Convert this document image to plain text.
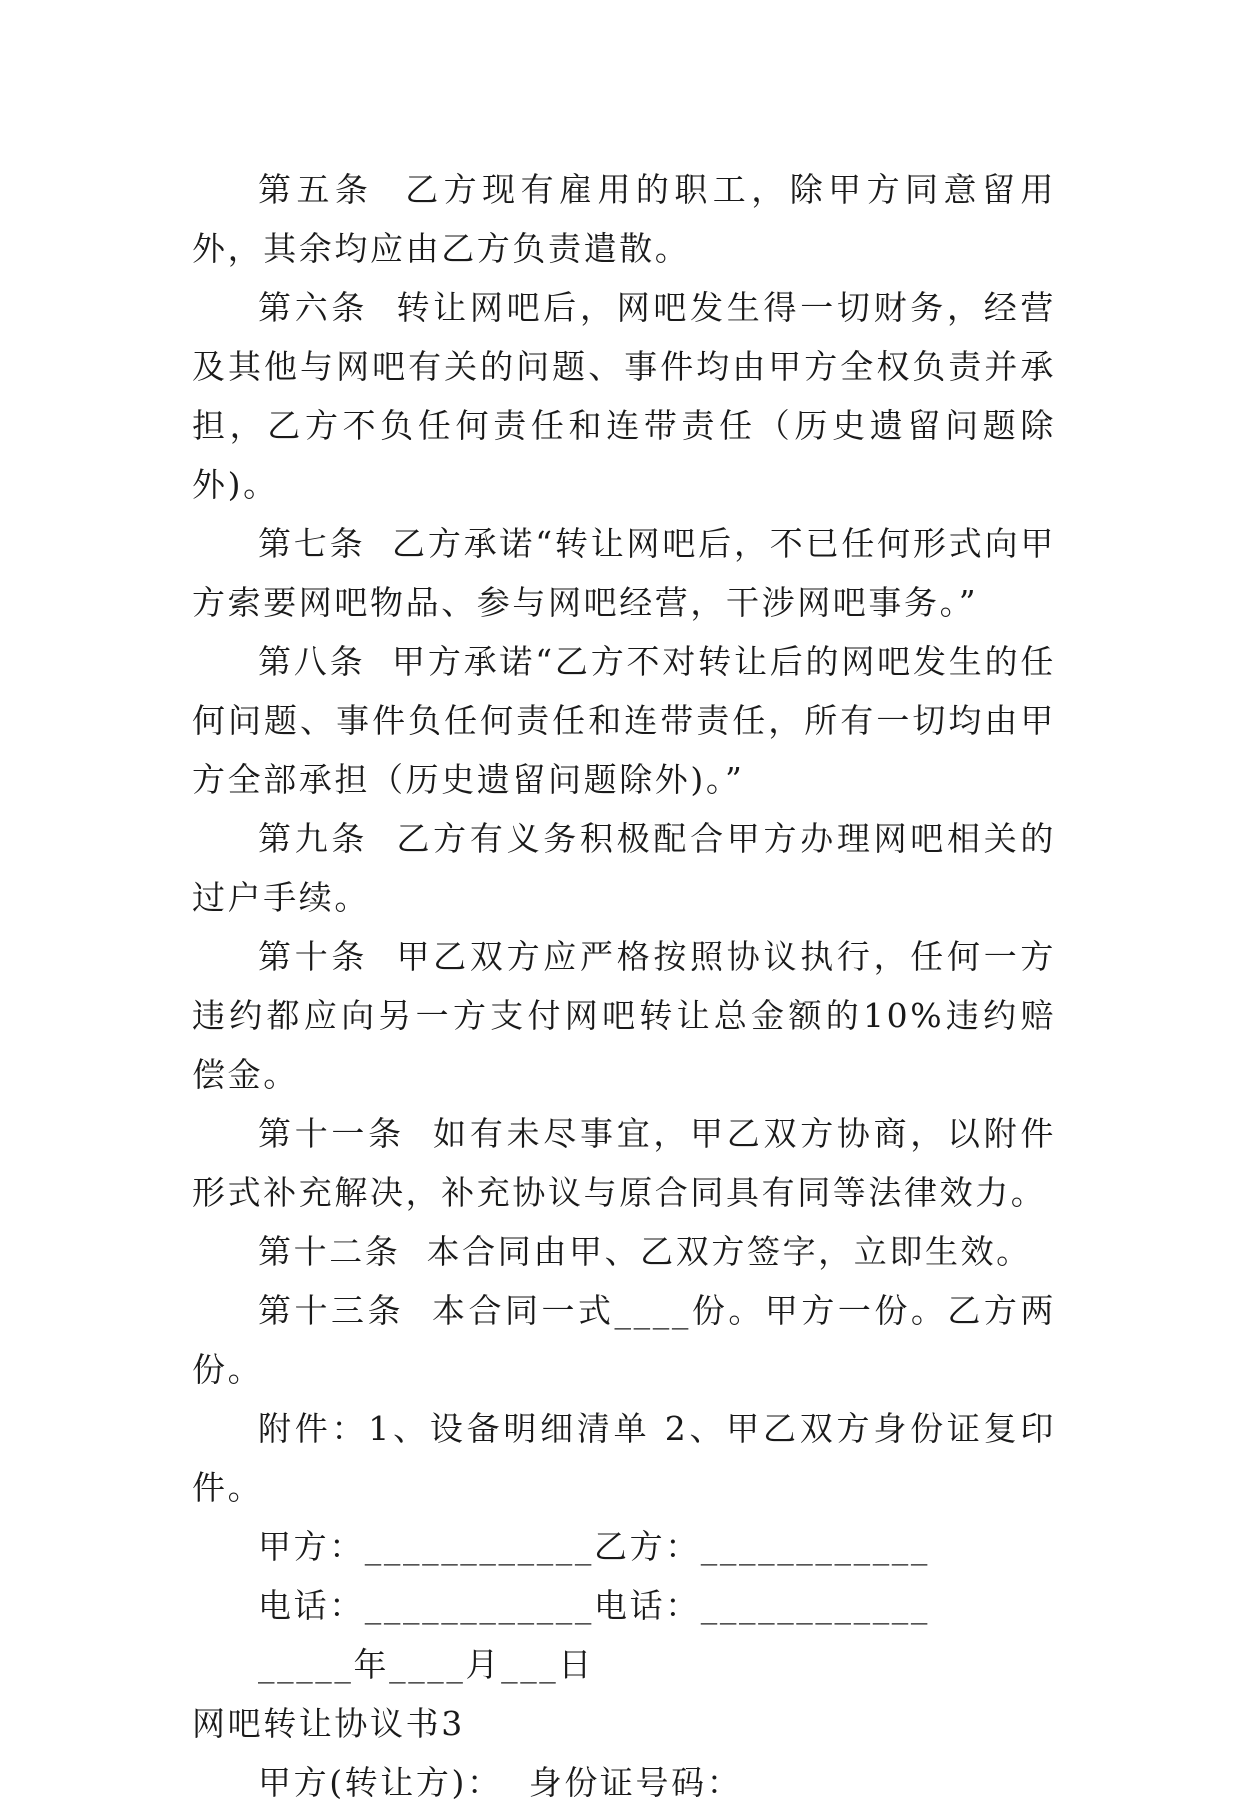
第五条  乙方现有雇用的职工，除甲方同意留用外，其余均应由乙方负责遣散。

第六条  转让网吧后，网吧发生得一切财务，经营及其他与网吧有关的问题、事件均由甲方全权负责并承担，乙方不负任何责任和连带责任（历史遗留问题除外)。

第七条  乙方承诺“转让网吧后，不已任何形式向甲方索要网吧物品、参与网吧经营，干涉网吧事务。”

第八条  甲方承诺“乙方不对转让后的网吧发生的任何问题、事件负任何责任和连带责任，所有一切均由甲方全部承担（历史遗留问题除外)。”

第九条  乙方有义务积极配合甲方办理网吧相关的过户手续。

第十条  甲乙双方应严格按照协议执行，任何一方违约都应向另一方支付网吧转让总金额的10%违约赔偿金。

第十一条  如有未尽事宜，甲乙双方协商，以附件形式补充解决，补充协议与原合同具有同等法律效力。

第十二条  本合同由甲、乙双方签字，立即生效。

第十三条  本合同一式____份。甲方一份。乙方两份。

附件：1、设备明细清单 2、甲乙双方身份证复印件。

甲方：____________乙方：____________

电话：____________电话：____________

_____年____月___日

网吧转让协议书3

甲方(转让方)：  身份证号码：
